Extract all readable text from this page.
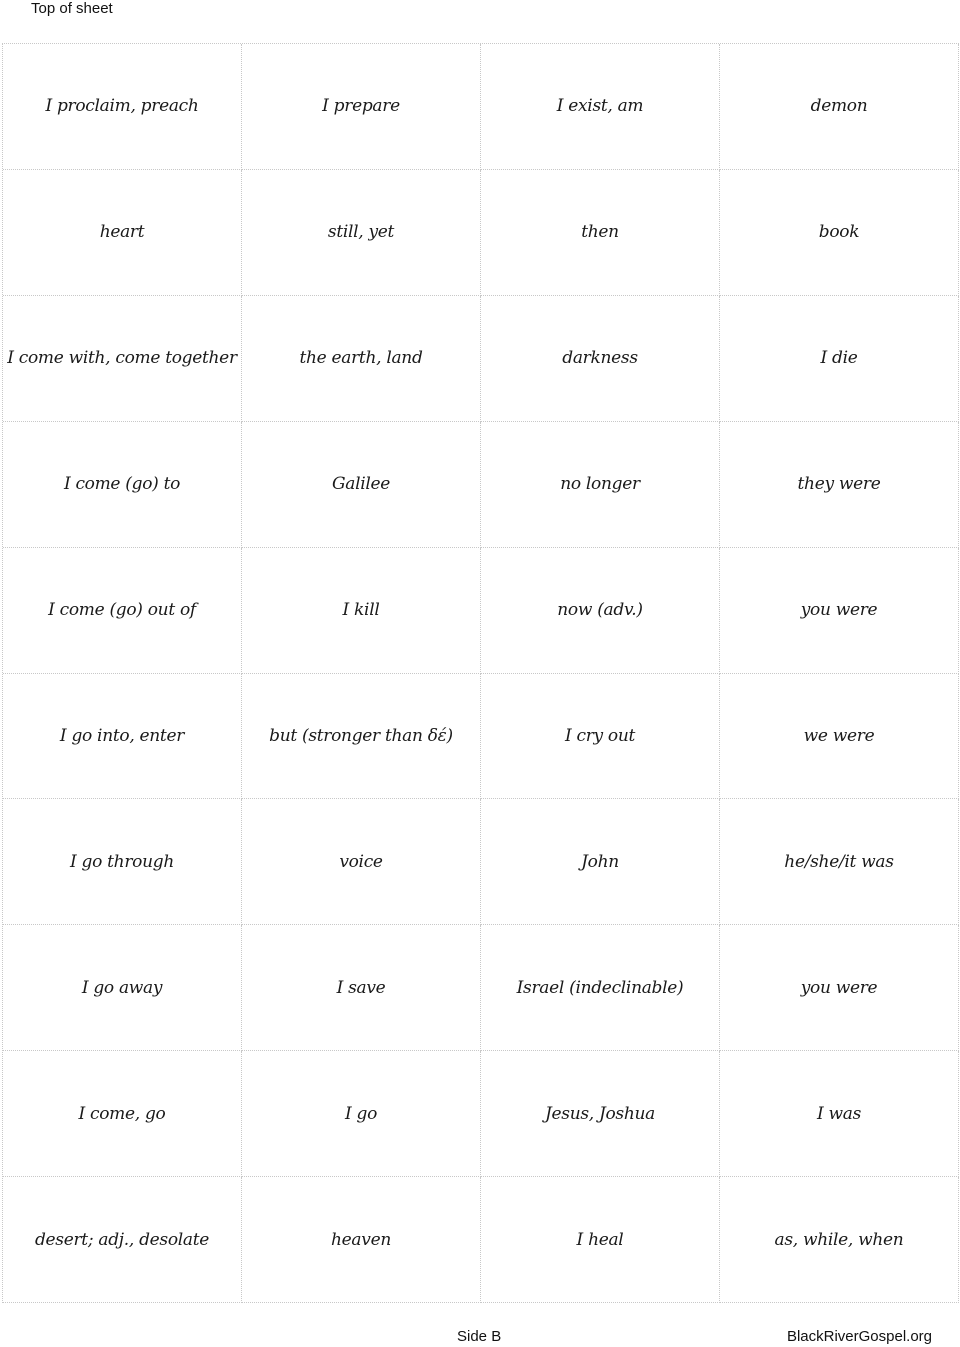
Top of sheet
I proclaim, preach	I prepare	I exist, am	demon
heart	still, yet	then	book
I come with, come together	the earth, land	darkness	I die
I come (go) to	Galilee	no longer	they were
I come (go) out of	I kill	now (adv.)	you were
I go into, enter	but (stronger than δέ)	I cry out	we were
I go through	voice	John	he/she/it was
I go away	I save	Israel (indeclinable)	you were
I come, go	I go	Jesus, Joshua	I was
desert; adj., desolate	heaven	I heal	as, while, when
Side B	BlackRiverGospel.org
